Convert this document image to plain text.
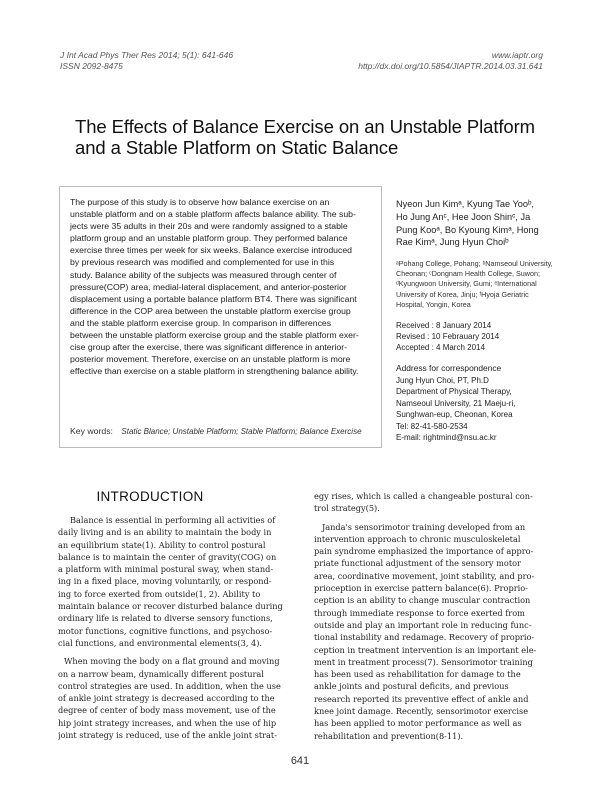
J Int Acad Phys Ther Res 2014; 5(1): 641-646
ISSN 2092-8475
www.iaptr.org
http://dx.doi.org/10.5854/JIAPTR.2014.03.31.641
The Effects of Balance Exercise on an Unstable Platform
and a Stable Platform on Static Balance
The purpose of this study is to observe how balance exercise on an
unstable platform and on a stable platform affects balance ability. The sub-
jects were 35 adults in their 20s and were randomly assigned to a stable
platform group and an unstable platform group. They performed balance
exercise three times per week for six weeks. Balance exercise introduced
by previous research was modified and complemented for use in this
study. Balance ability of the subjects was measured through center of
pressure(COP) area, medial-lateral displacement, and anterior-posterior
displacement using a portable balance platform BT4. There was significant
difference in the COP area between the unstable platform exercise group
and the stable platform exercise group. In comparison in differences
between the unstable platform exercise group and the stable platform exer-
cise group after the exercise, there was significant difference in anterior-
posterior movement. Therefore, exercise on an unstable platform is more
effective than exercise on a stable platform in strengthening balance ability.
Key words: Static Blance; Unstable Platform; Stable Platform; Balance Exercise
Nyeon Jun Kimᵃ, Kyung Tae Yooᵇ,
Ho Jung Anᶜ, Hee Joon Shinᶜ, Ja
Pung Kooᵃ, Bo Kyoung Kimᵃ, Hong
Rae Kimᵃ, Jung Hyun Choiᵇ
ᵃPohang College, Pohang; ᵇNamseoul University,
Cheonan; ᶜDongnam Health College, Suwon;
ᵈKyungwoon University, Gumi; ᵉInternational
University of Korea, Jinju; ᶠHyoja Geriatric
Hospital, Yongin, Korea
Received : 8 January 2014
Revised : 10 Febrauary 2014
Accepted : 4 March 2014
Address for correspondence
Jung Hyun Choi, PT, Ph.D
Department of Physical Therapy,
Namseoul University, 21 Maeju-ri,
Sunghwan-eup, Cheonan, Korea
Tel: 82-41-580-2534
E-mail: rightmind@nsu.ac.kr
INTRODUCTION

Balance is essential in performing all activities of
daily living and is an ability to maintain the body in
an equilibrium state(1). Ability to control postural
balance is to maintain the center of gravity(COG) on
a platform with minimal postural sway, when stand-
ing in a fixed place, moving voluntarily, or respond-
ing to force exerted from outside(1, 2). Ability to
maintain balance or recover disturbed balance during
ordinary life is related to diverse sensory functions,
motor functions, cognitive functions, and psychoso-
cial functions, and environmental elements(3, 4).

When moving the body on a flat ground and moving
on a narrow beam, dynamically different postural
control strategies are used. In addition, when the use
of ankle joint strategy is decreased according to the
degree of center of body mass movement, use of the
hip joint strategy increases, and when the use of hip
joint strategy is reduced, use of the ankle joint strat-

egy rises, which is called a changeable postural con-
trol strategy(5).

Janda's sensorimotor training developed from an
intervention approach to chronic musculoskeletal
pain syndrome emphasized the importance of appro-
priate functional adjustment of the sensory motor
area, coordinative movement, joint stability, and pro-
prioception in exercise pattern balance(6). Proprio-
ception is an ability to change muscular contraction
through immediate response to force exerted from
outside and play an important role in reducing func-
tional instability and redamage. Recovery of proprio-
ception in treatment intervention is an important ele-
ment in treatment process(7). Sensorimotor training
has been used as rehabilitation for damage to the
ankle joints and postural deficits, and previous
research reported its preventive effect of ankle and
knee joint damage. Recently, sensorimotor exercise
has been applied to motor performance as well as
rehabilitation and prevention(8-11).

641
